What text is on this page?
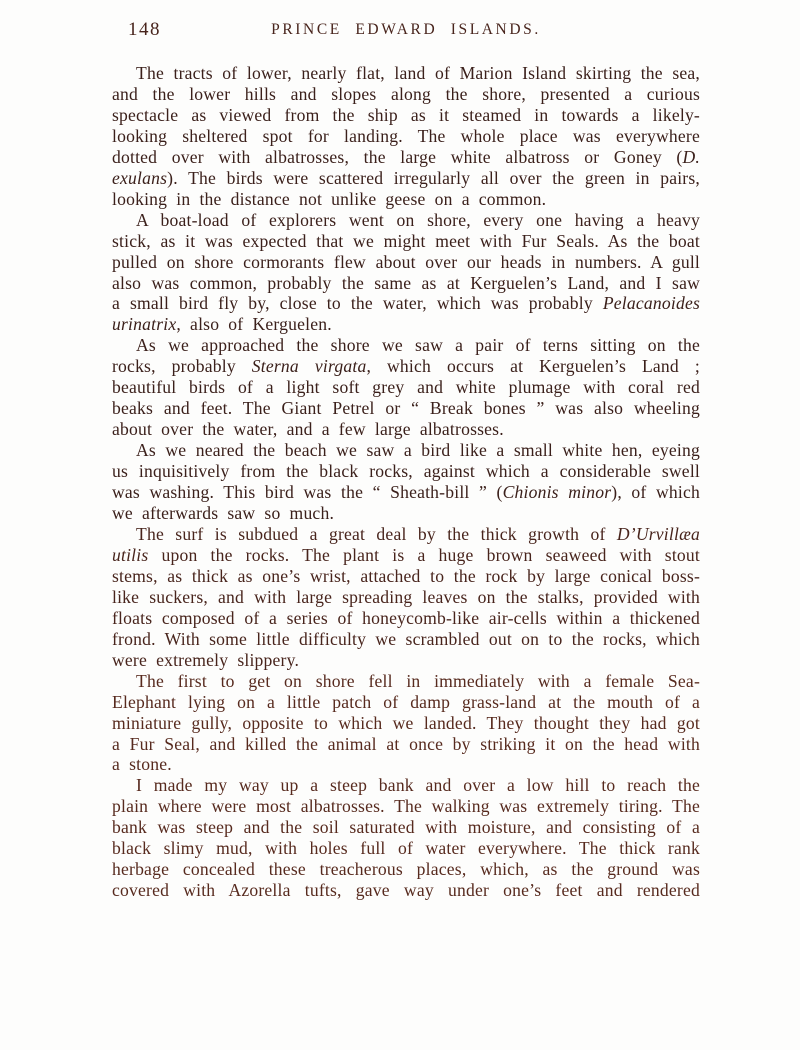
148	PRINCE EDWARD ISLANDS.

The tracts of lower, nearly flat, land of Marion Island skirting the sea, and the lower hills and slopes along the shore, presented a curious spectacle as viewed from the ship as it steamed in towards a likely-looking sheltered spot for landing. The whole place was everywhere dotted over with albatrosses, the large white albatross or Goney (D. exulans). The birds were scattered irregularly all over the green in pairs, looking in the distance not unlike geese on a common.

A boat-load of explorers went on shore, every one having a heavy stick, as it was expected that we might meet with Fur Seals. As the boat pulled on shore cormorants flew about over our heads in numbers. A gull also was common, probably the same as at Kerguelen’s Land, and I saw a small bird fly by, close to the water, which was probably Pelacanoides urinatrix, also of Kerguelen.

As we approached the shore we saw a pair of terns sitting on the rocks, probably Sterna virgata, which occurs at Kerguelen’s Land ; beautiful birds of a light soft grey and white plumage with coral red beaks and feet. The Giant Petrel or “ Break bones ” was also wheeling about over the water, and a few large albatrosses.

As we neared the beach we saw a bird like a small white hen, eyeing us inquisitively from the black rocks, against which a considerable swell was washing. This bird was the “ Sheath-bill ” (Chionis minor), of which we afterwards saw so much.

The surf is subdued a great deal by the thick growth of D’Urvillæa utilis upon the rocks. The plant is a huge brown seaweed with stout stems, as thick as one’s wrist, attached to the rock by large conical boss-like suckers, and with large spreading leaves on the stalks, provided with floats composed of a series of honeycomb-like air-cells within a thickened frond. With some little difficulty we scrambled out on to the rocks, which were extremely slippery.

The first to get on shore fell in immediately with a female Sea-Elephant lying on a little patch of damp grass-land at the mouth of a miniature gully, opposite to which we landed. They thought they had got a Fur Seal, and killed the animal at once by striking it on the head with a stone.

I made my way up a steep bank and over a low hill to reach the plain where were most albatrosses. The walking was extremely tiring. The bank was steep and the soil saturated with moisture, and consisting of a black slimy mud, with holes full of water everywhere. The thick rank herbage concealed these treacherous places, which, as the ground was covered with Azorella tufts, gave way under one’s feet and rendered
